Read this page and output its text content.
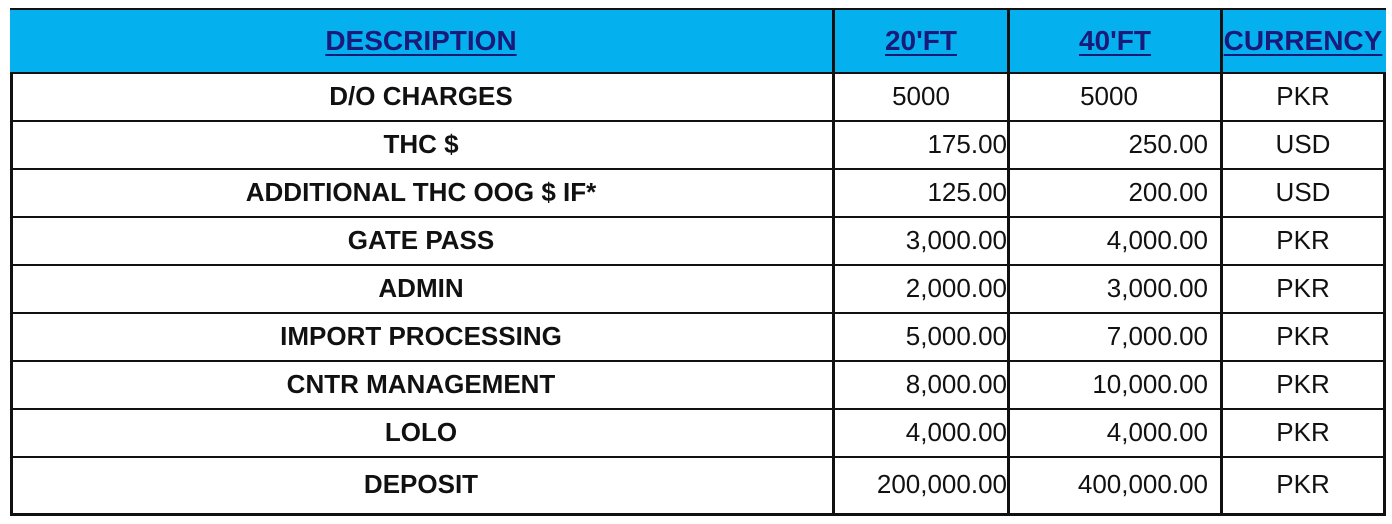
DESCRIPTION	20'FT	40'FT	CURRENCY
D/O CHARGES	5000	5000	PKR
THC $	175.00	250.00	USD
ADDITIONAL THC OOG $ IF*	125.00	200.00	USD
GATE PASS	3,000.00	4,000.00	PKR
ADMIN	2,000.00	3,000.00	PKR
IMPORT PROCESSING	5,000.00	7,000.00	PKR
CNTR MANAGEMENT	8,000.00	10,000.00	PKR
LOLO	4,000.00	4,000.00	PKR
DEPOSIT	200,000.00	400,000.00	PKR
